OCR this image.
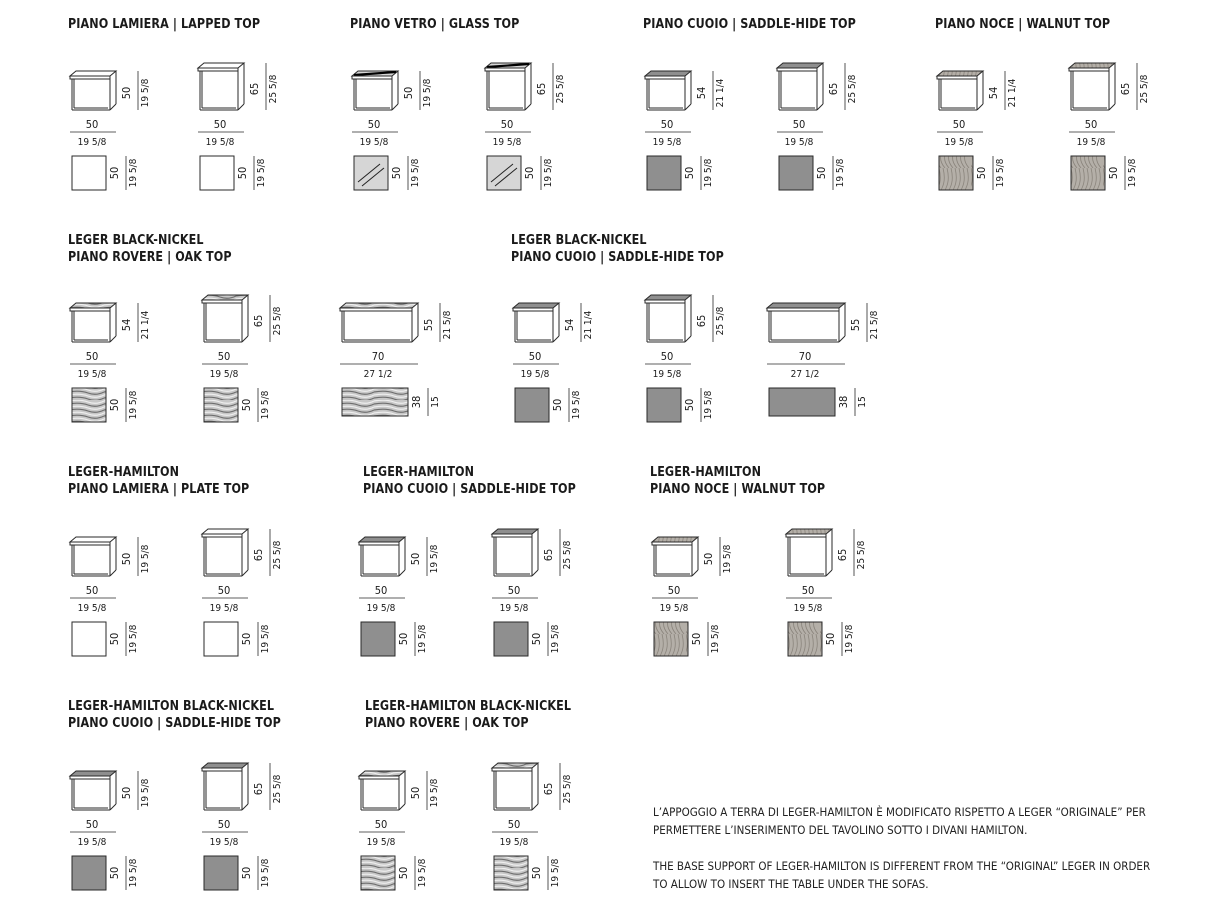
PIANO LAMIERA | LAPPED TOP
50 19 5/8
50
19 5/8
50 19 5/8
65 25 5/8
50
19 5/8
50 19 5/8
PIANO VETRO | GLASS TOP
50 19 5/8
50
19 5/8
50 19 5/8
65 25 5/8
50
19 5/8
50 19 5/8
PIANO CUOIO | SADDLE-HIDE TOP
54 21 1/4
50
19 5/8
50 19 5/8
65 25 5/8
50
19 5/8
50 19 5/8
PIANO NOCE | WALNUT TOP
54 21 1/4
50
19 5/8
50 19 5/8
65 25 5/8
50
19 5/8
50 19 5/8
LEGER BLACK-NICKEL
PIANO ROVERE | OAK TOP
54 21 1/4
50
19 5/8
50 19 5/8
65 25 5/8
50
19 5/8
50 19 5/8
55 21 5/8
70
27 1/2
38 15
LEGER BLACK-NICKEL
PIANO CUOIO | SADDLE-HIDE TOP
54 21 1/4
50
19 5/8
50 19 5/8
65 25 5/8
50
19 5/8
50 19 5/8
55 21 5/8
70
27 1/2
38 15
LEGER-HAMILTON
PIANO LAMIERA | PLATE TOP
50 19 5/8
50
19 5/8
50 19 5/8
65 25 5/8
50
19 5/8
50 19 5/8
LEGER-HAMILTON
PIANO CUOIO | SADDLE-HIDE TOP
50 19 5/8
50
19 5/8
50 19 5/8
65 25 5/8
50
19 5/8
50 19 5/8
LEGER-HAMILTON
PIANO NOCE | WALNUT TOP
50 19 5/8
50
19 5/8
50 19 5/8
65 25 5/8
50
19 5/8
50 19 5/8
LEGER-HAMILTON BLACK-NICKEL
PIANO CUOIO | SADDLE-HIDE TOP
50 19 5/8
50
19 5/8
50 19 5/8
65 25 5/8
50
19 5/8
50 19 5/8
LEGER-HAMILTON BLACK-NICKEL
PIANO ROVERE | OAK TOP
50 19 5/8
50
19 5/8
50 19 5/8
65 25 5/8
50
19 5/8
50 19 5/8

L’APPOGGIO A TERRA DI LEGER-HAMILTON È MODIFICATO RISPETTO A LEGER “ORIGINALE” PER
PERMETTERE L’INSERIMENTO DEL TAVOLINO SOTTO I DIVANI HAMILTON.

THE BASE SUPPORT OF LEGER-HAMILTON IS DIFFERENT FROM THE “ORIGINAL” LEGER IN ORDER
TO ALLOW TO INSERT THE TABLE UNDER THE SOFAS.
